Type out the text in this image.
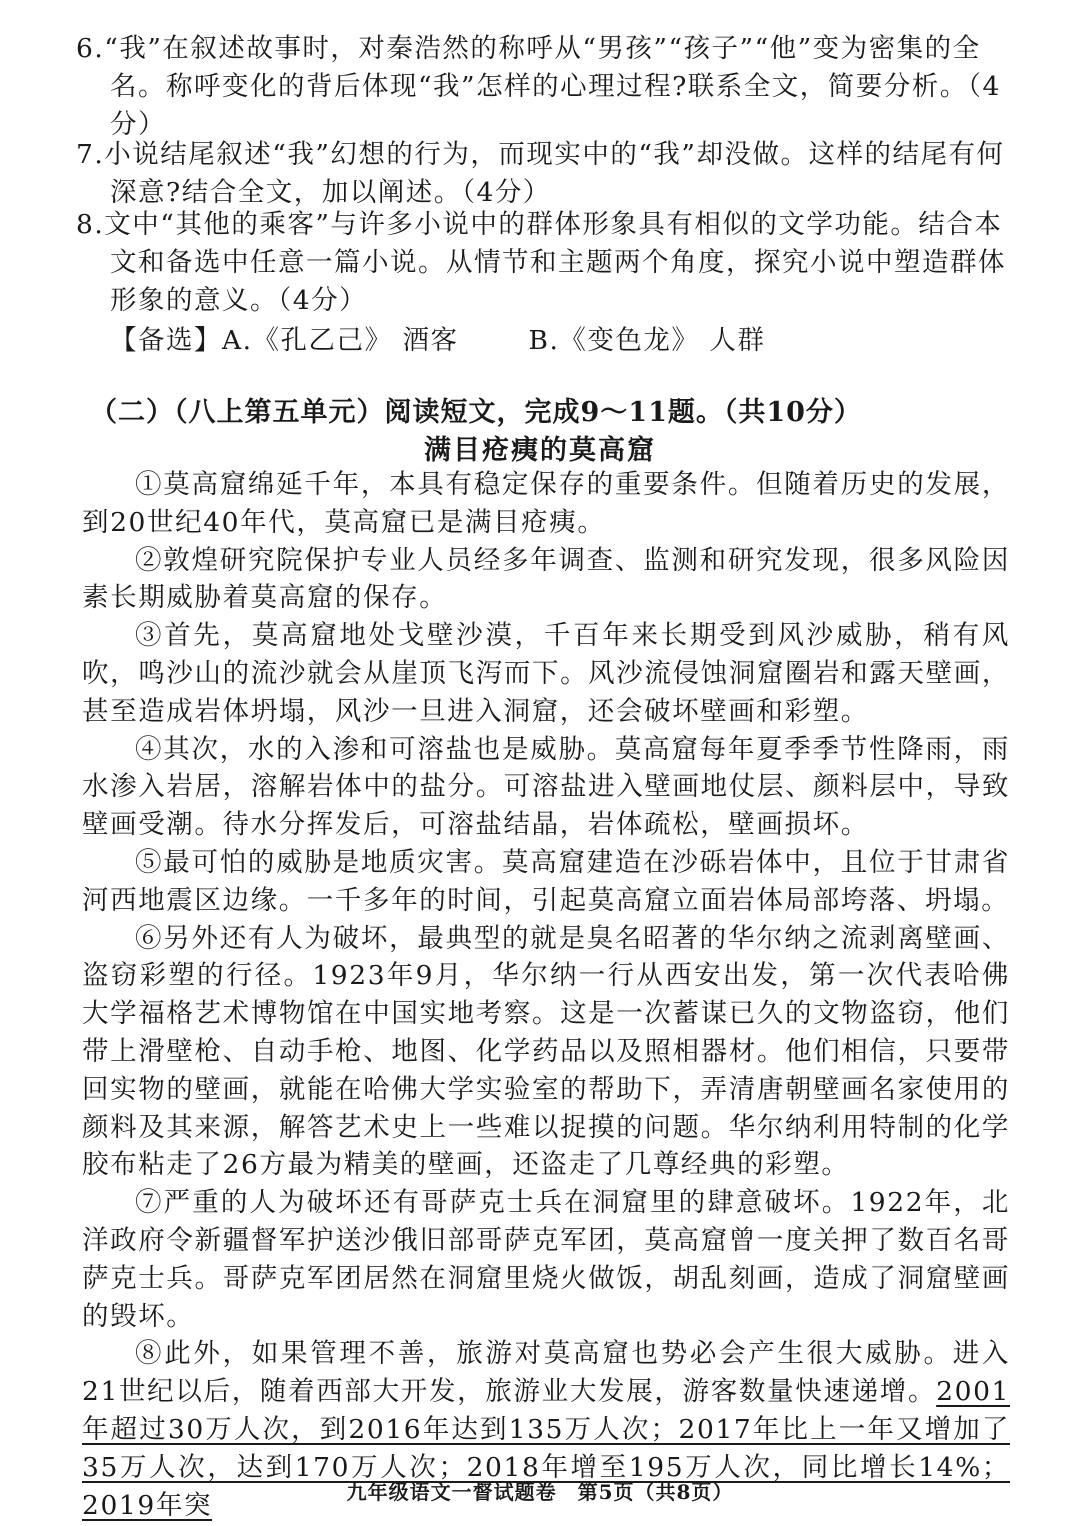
6.“我”在叙述故事时，对秦浩然的称呼从“男孩”“孩子”“他”变为密集的全名。称呼变化的背后体现“我”怎样的心理过程?联系全文，简要分析。（4分）
7.小说结尾叙述“我”幻想的行为，而现实中的“我”却没做。这样的结尾有何深意?结合全文，加以阐述。（4分）
8.文中“其他的乘客”与许多小说中的群体形象具有相似的文学功能。结合本文和备选中任意一篇小说。从情节和主题两个角度，探究小说中塑造群体形象的意义。（4分）
【备选】A.《孔乙己》 酒客	B.《变色龙》 人群
（二）（八上第五单元）阅读短文，完成9～11题。（共10分）
满目疮痍的莫高窟

①莫高窟绵延千年，本具有稳定保存的重要条件。但随着历史的发展，到20世纪40年代，莫高窟已是满目疮痍。

②敦煌研究院保护专业人员经多年调查、监测和研究发现，很多风险因素长期威胁着莫高窟的保存。

③首先，莫高窟地处戈壁沙漠，千百年来长期受到风沙威胁，稍有风吹，鸣沙山的流沙就会从崖顶飞泻而下。风沙流侵蚀洞窟圈岩和露天壁画，甚至造成岩体坍塌，风沙一旦进入洞窟，还会破坏壁画和彩塑。

④其次，水的入渗和可溶盐也是威胁。莫高窟每年夏季季节性降雨，雨水渗入岩居，溶解岩体中的盐分。可溶盐进入壁画地仗层、颜料层中，导致壁画受潮。待水分挥发后，可溶盐结晶，岩体疏松，壁画损坏。

⑤最可怕的威胁是地质灾害。莫高窟建造在沙砾岩体中，且位于甘肃省河西地震区边缘。一千多年的时间，引起莫高窟立面岩体局部垮落、坍塌。

⑥另外还有人为破坏，最典型的就是臭名昭著的华尔纳之流剥离壁画、盗窃彩塑的行径。1923年9月，华尔纳一行从西安出发，第一次代表哈佛大学福格艺术博物馆在中国实地考察。这是一次蓄谋已久的文物盗窃，他们带上滑壁枪、自动手枪、地图、化学药品以及照相器材。他们相信，只要带回实物的壁画，就能在哈佛大学实验室的帮助下，弄清唐朝壁画名家使用的颜料及其来源，解答艺术史上一些难以捉摸的问题。华尔纳利用特制的化学胶布粘走了26方最为精美的壁画，还盗走了几尊经典的彩塑。

⑦严重的人为破坏还有哥萨克士兵在洞窟里的肆意破坏。1922年，北洋政府令新疆督军护送沙俄旧部哥萨克军团，莫高窟曾一度关押了数百名哥萨克士兵。哥萨克军团居然在洞窟里烧火做饭，胡乱刻画，造成了洞窟壁画的毁坏。

⑧此外，如果管理不善，旅游对莫高窟也势必会产生很大威胁。进入21世纪以后，随着西部大开发，旅游业大发展，游客数量快速递增。2001年超过30万人次，到2016年达到135万人次；2017年比上一年又增加了35万人次，达到170万人次；2018年增至195万人次，同比增长14%；2019年突	九年级语文一督试题卷　第5页（共8页）
